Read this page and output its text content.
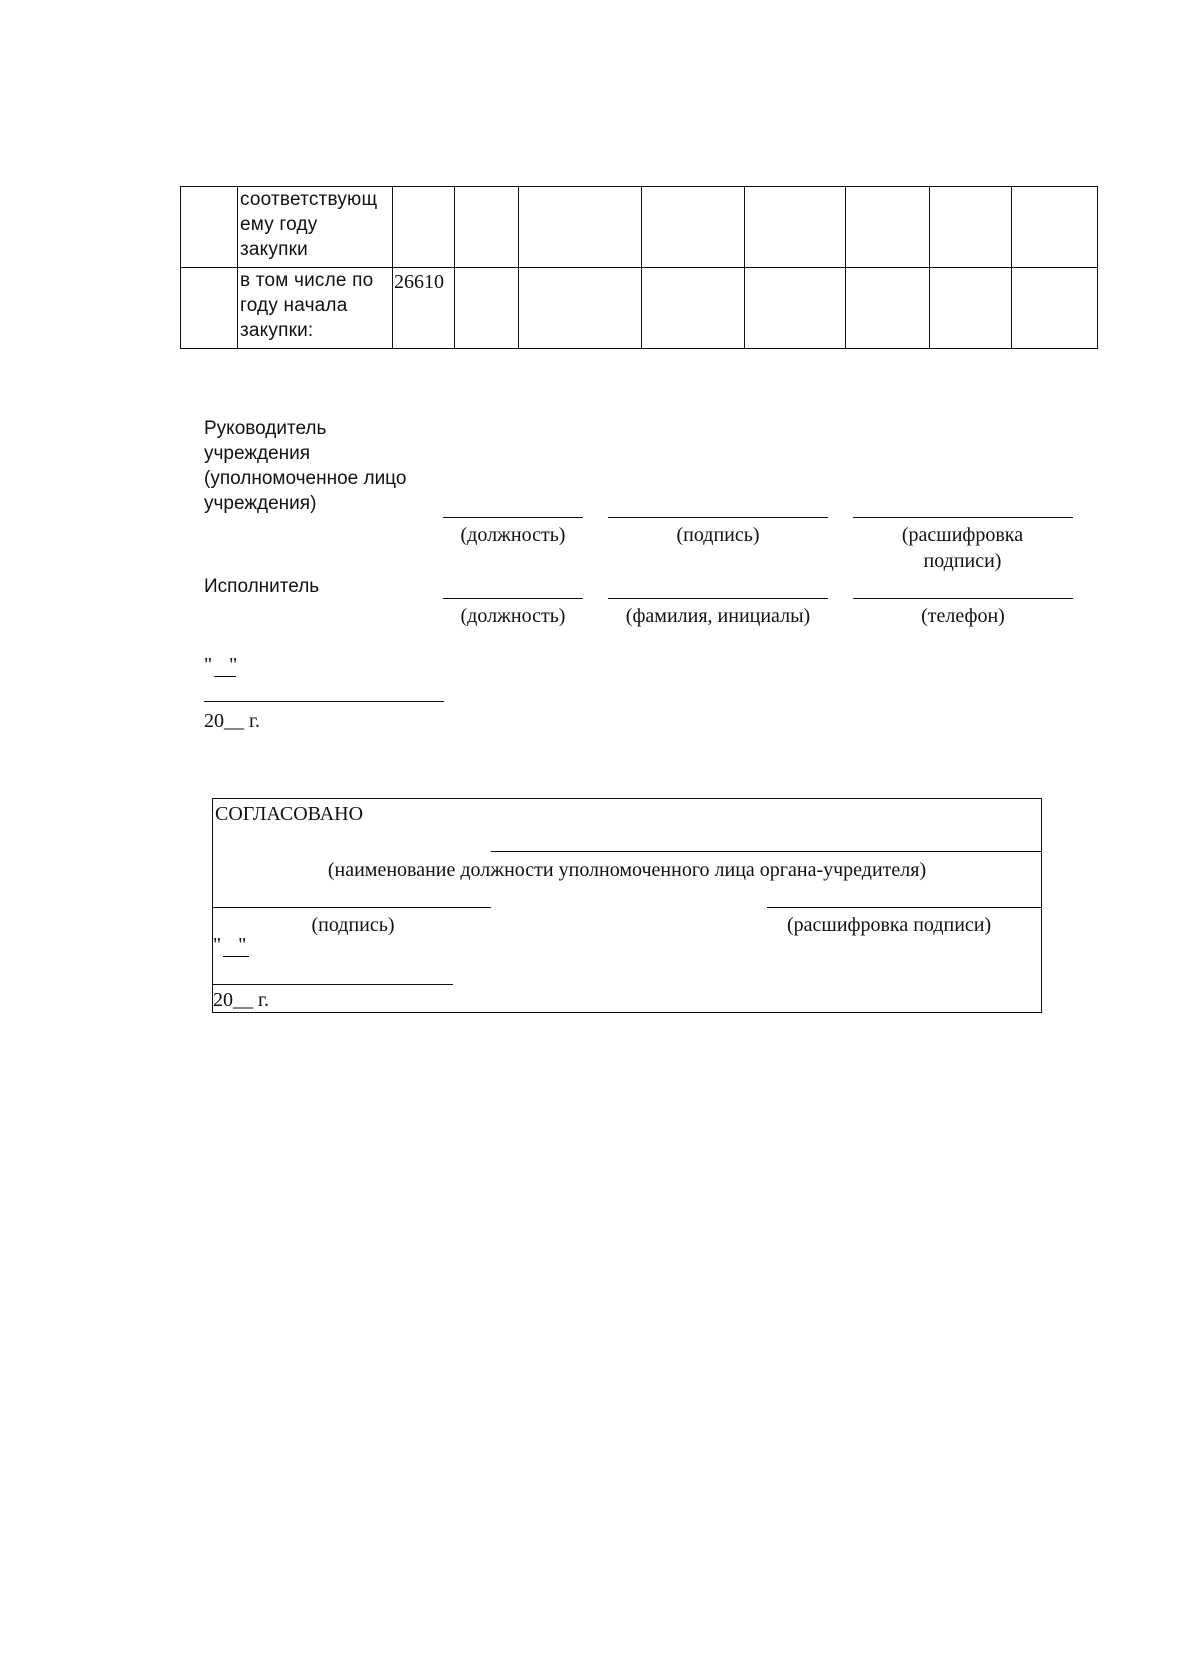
	соответствующ ему году закупки								
	в том числе по году начала закупки:	26610							
Руководитель учреждения (уполномоченное лицо учреждения)
(должность)	(подпись)	(расшифровка подписи)
Исполнитель
(должность)	(фамилия, инициалы)	(телефон)
" "
20__ г.
СОГЛАСОВАНО
(наименование должности уполномоченного лица органа-учредителя)
(подпись)	(расшифровка подписи)
" "
20__ г.
